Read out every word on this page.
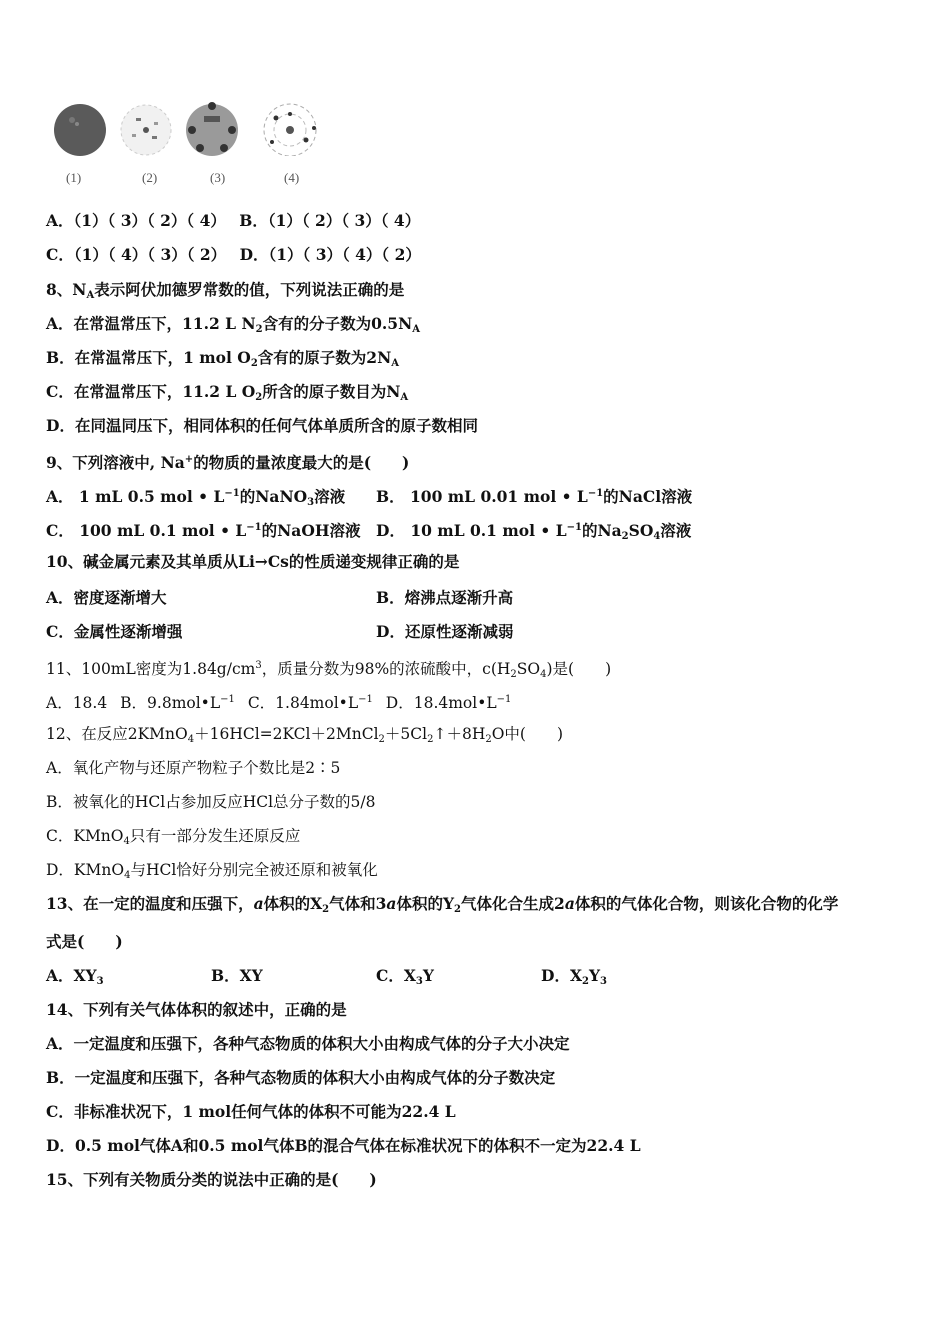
(1)	(2)	(3)	(4)
A．（1）（ 3）（ 2）（ 4） B．（1）（ 2）（ 3）（ 4）
C．（1）（ 4）（ 3）（ 2） D．（1）（ 3）（ 4）（ 2）
8、$N_A$表示阿伏加德罗常数的值，下列说法正确的是
A．在常温常压下，11.2 L $N_2$含有的分子数为$0.5N_A$
B．在常温常压下，1 mol $O_2$含有的原子数为$2N_A$
C．在常温常压下，11.2 L $O_2$所含的原子数目为$N_A$
D．在同温同压下，相同体积的任何气体单质所含的原子数相同
9、下列溶液中, Na+的物质的量浓度最大的是(　　)
A． 1 mL 0.5 mol • $L^{-1}$的NaNO$_3$溶液 B． 100 mL 0.01 mol • $L^{-1}$的NaCl溶液
C． 100 mL 0.1 mol • $L^{-1}$的NaOH溶液 D． 10 mL 0.1 mol • $L^{-1}$的$Na_2SO_4$溶液
10、碱金属元素及其单质从Li→Cs的性质递变规律正确的是
A．密度逐渐增大	B．熔沸点逐渐升高
C．金属性逐渐增强	D．还原性逐渐减弱
11、100mL密度为$1.84g/cm^3$，质量分数为98%的浓硫酸中，$c(H_2SO_4)$是(　　)
A．18.4 B．$9.8mol•L^{-1}$ C．$1.84mol•L^{-1}$ D．$18.4mol•L^{-1}$
12、在反应$2KMnO_4+16HCl=2KCl+2MnCl_2+5Cl_2↑+8H_2O$中(　　)
A．氧化产物与还原产物粒子个数比是2∶5
B．被氧化的HCl占参加反应HCl总分子数的5/8
C．KMnO$_4$只有一部分发生还原反应
D．KMnO$_4$与HCl恰好分别完全被还原和被氧化
13、在一定的温度和压强下，a体积的$X_2$气体和3a体积的$Y_2$气体化合生成2a体积的气体化合物，则该化合物的化学
式是(　　)
A．$XY_3$	B．XY	C．$X_3Y$	D．$X_2Y_3$
14、下列有关气体体积的叙述中，正确的是
A．一定温度和压强下，各种气态物质的体积大小由构成气体的分子大小决定
B．一定温度和压强下，各种气态物质的体积大小由构成气体的分子数决定
C．非标准状况下，1 mol任何气体的体积不可能为22.4 L
D．0.5 mol气体A和0.5 mol气体B的混合气体在标准状况下的体积不一定为22.4 L
15、下列有关物质分类的说法中正确的是(　　)
